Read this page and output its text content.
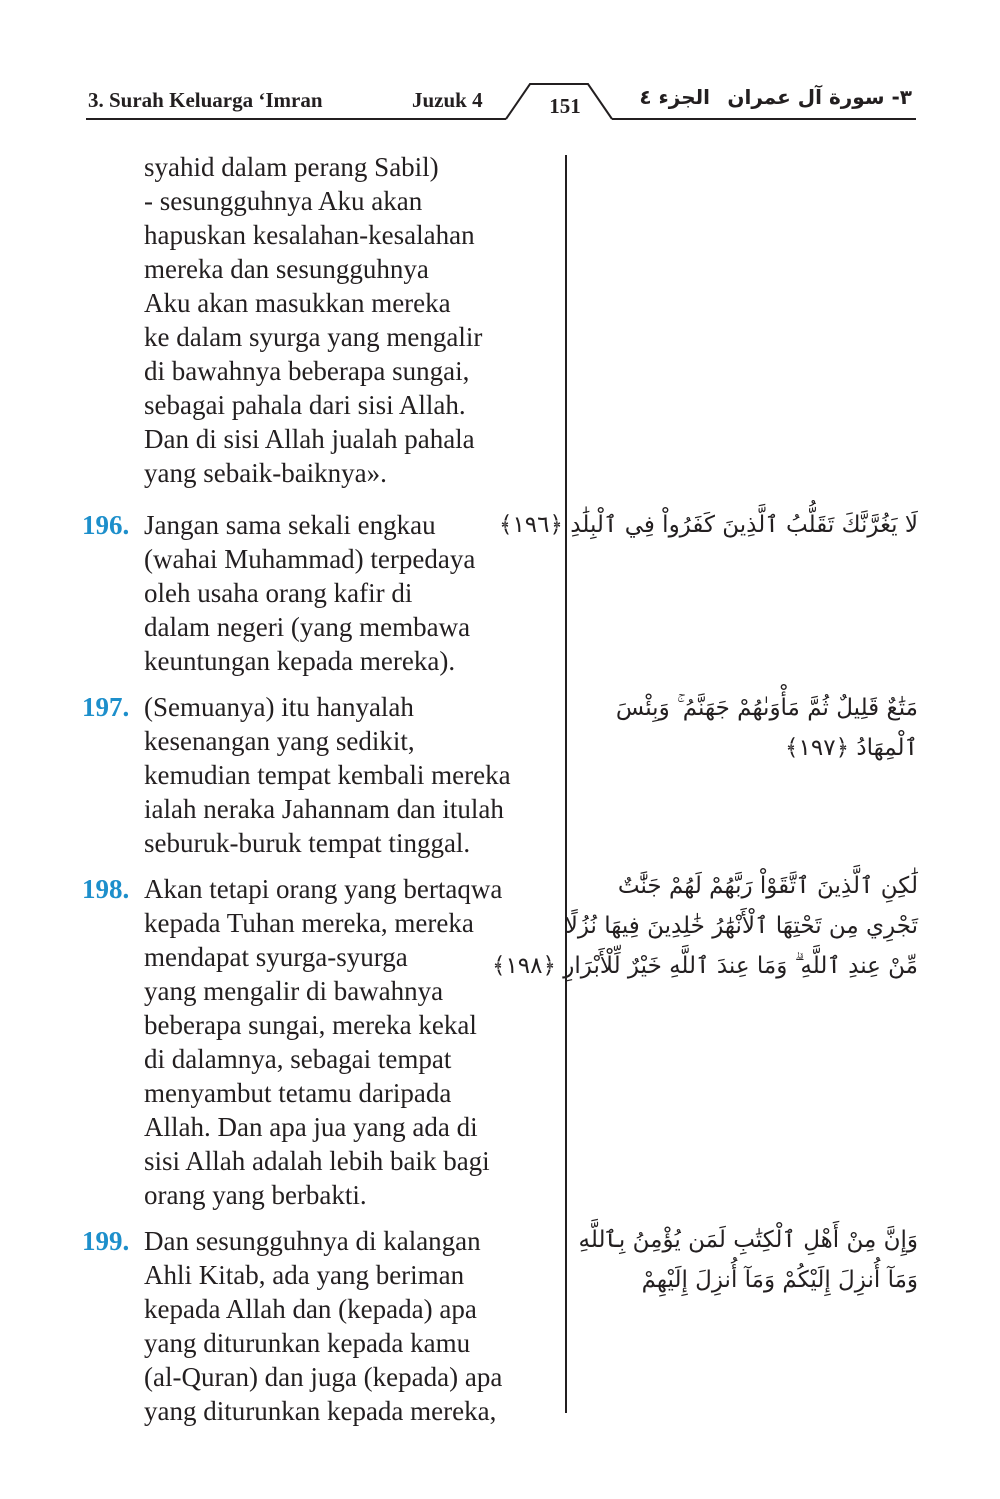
3. Surah Keluarga ‘Imran	Juzuk 4	151	الجزء ٤ ٣- سورة آل عمران
syahid dalam perang Sabil)
- sesungguhnya Aku akan
hapuskan kesalahan-kesalahan
mereka dan sesungguhnya
Aku akan masukkan mereka
ke dalam syurga yang mengalir
di bawahnya beberapa sungai,
sebagai pahala dari sisi Allah.
Dan di sisi Allah jualah pahala
yang sebaik-baiknya».
196. Jangan sama sekali engkau
(wahai Muhammad) terpedaya
oleh usaha orang kafir di
dalam negeri (yang membawa
keuntungan kepada mereka).
197. (Semuanya) itu hanyalah
kesenangan yang sedikit,
kemudian tempat kembali mereka
ialah neraka Jahannam dan itulah
seburuk-buruk tempat tinggal.
198. Akan tetapi orang yang bertaqwa
kepada Tuhan mereka, mereka
mendapat syurga-syurga
yang mengalir di bawahnya
beberapa sungai, mereka kekal
di dalamnya, sebagai tempat
menyambut tetamu daripada
Allah. Dan apa jua yang ada di
sisi Allah adalah lebih baik bagi
orang yang berbakti.
199. Dan sesungguhnya di kalangan
Ahli Kitab, ada yang beriman
kepada Allah dan (kepada) apa
yang diturunkan kepada kamu
(al-Quran) dan juga (kepada) apa
yang diturunkan kepada mereka,
لَا يَغُرَّنَّكَ تَقَلُّبُ ٱلَّذِينَ كَفَرُواْ فِي ٱلْبِلَٰدِ ﴿١٩٦﴾
مَتَٰعٌ قَلِيلٌ ثُمَّ مَأْوَىٰهُمْ جَهَنَّمُ ۚ وَبِئْسَ
ٱلْمِهَادُ ﴿١٩٧﴾
لَٰكِنِ ٱلَّذِينَ ٱتَّقَوْاْ رَبَّهُمْ لَهُمْ جَنَّٰتٌ
تَجْرِي مِن تَحْتِهَا ٱلْأَنْهَٰرُ خَٰلِدِينَ فِيهَا نُزُلًا
مِّنْ عِندِ ٱللَّهِ ۗ وَمَا عِندَ ٱللَّهِ خَيْرٌ لِّلْأَبْرَارِ ﴿١٩٨﴾
وَإِنَّ مِنْ أَهْلِ ٱلْكِتَٰبِ لَمَن يُؤْمِنُ بِٱللَّهِ
وَمَآ أُنزِلَ إِلَيْكُمْ وَمَآ أُنزِلَ إِلَيْهِمْ
